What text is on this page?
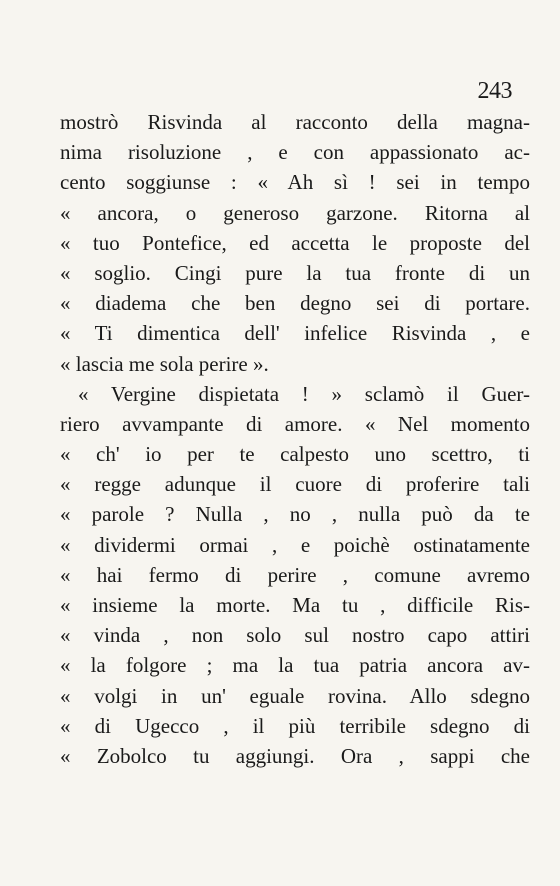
243
mostrò Risvinda al racconto della magna-
nima risoluzione , e con appassionato ac-
cento soggiunse : « Ah sì ! sei in tempo
« ancora, o generoso garzone. Ritorna al
« tuo Pontefice, ed accetta le proposte del
« soglio. Cingi pure la tua fronte di un
« diadema che ben degno sei di portare.
« Ti dimentica dell' infelice Risvinda , e
« lascia me sola perire ».
« Vergine dispietata ! » sclamò il Guer-
riero avvampante di amore. « Nel momento
« ch' io per te calpesto uno scettro, ti
« regge adunque il cuore di proferire tali
« parole ? Nulla , no , nulla può da te
« dividermi ormai , e poichè ostinatamente
« hai fermo di perire , comune avremo
« insieme la morte. Ma tu , difficile Ris-
« vinda , non solo sul nostro capo attiri
« la folgore ; ma la tua patria ancora av-
« volgi in un' eguale rovina. Allo sdegno
« di Ugecco , il più terribile sdegno di
« Zobolco tu aggiungi. Ora , sappi che
